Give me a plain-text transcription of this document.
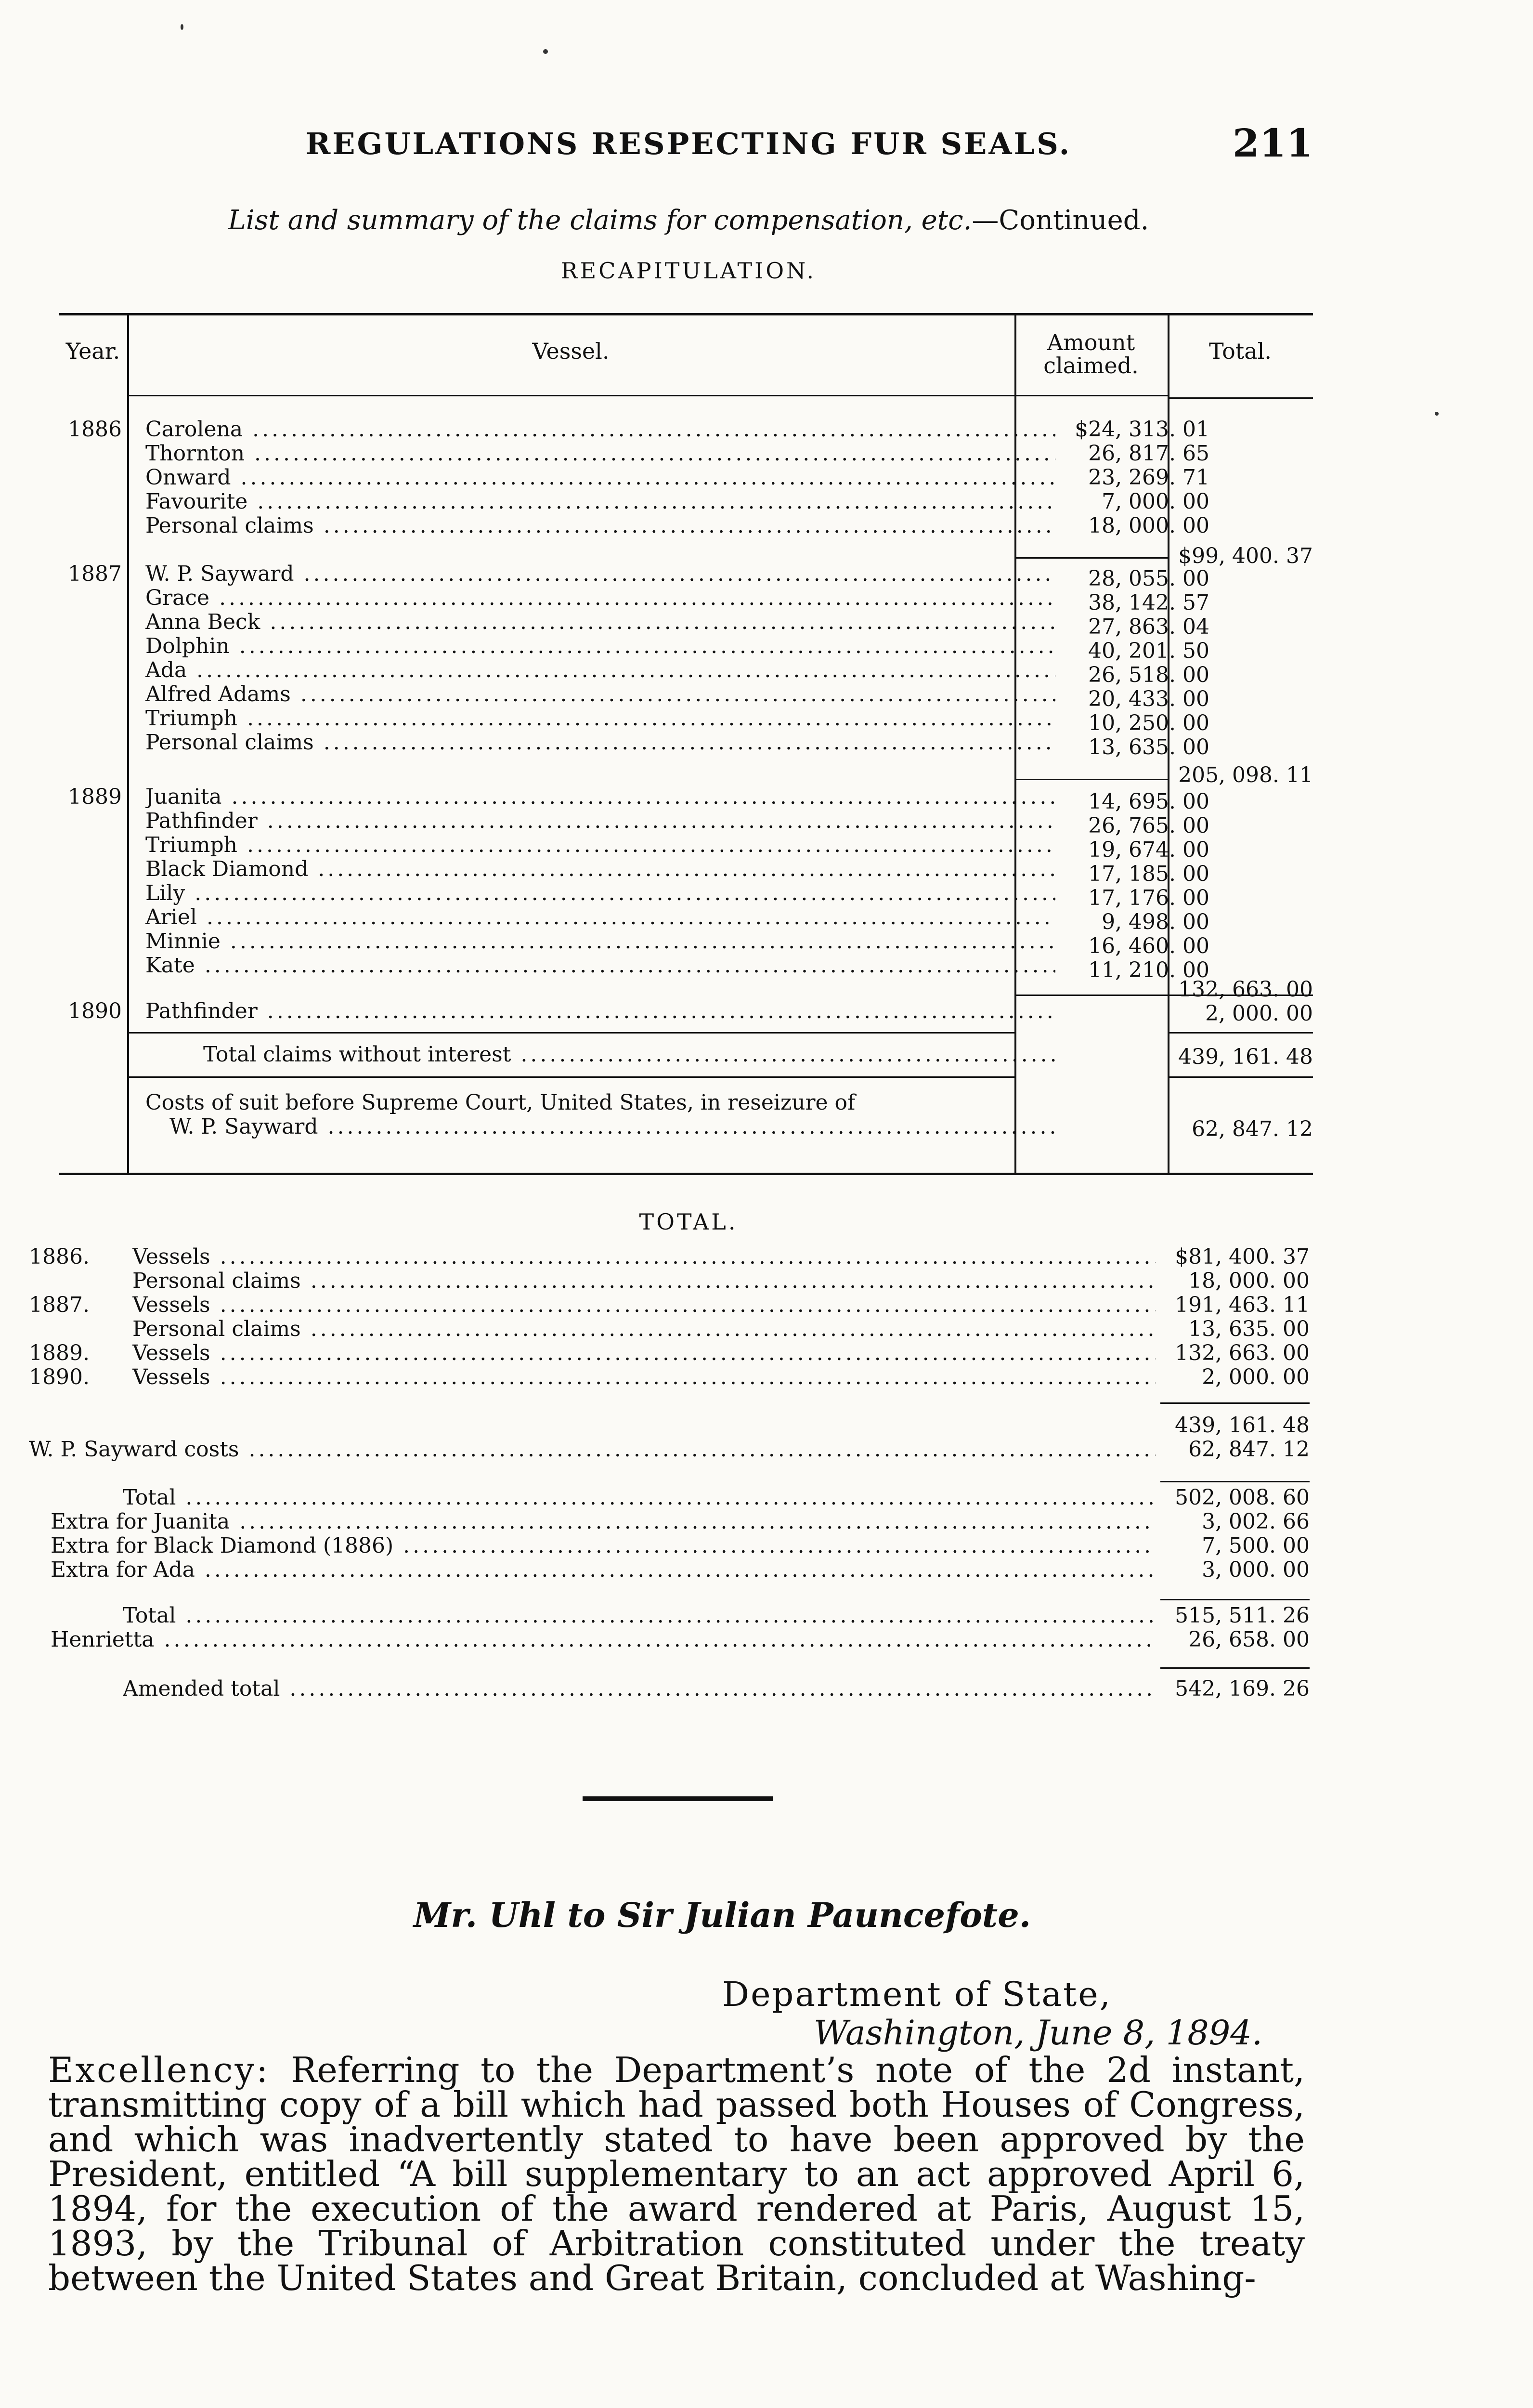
REGULATIONS RESPECTING FUR SEALS.	211
List and summary of the claims for compensation, etc.—Continued.
RECAPITULATION.
Year.	Vessel.	Amount
claimed.
Total.
1886	Carolena .....	$24, 313. 01
Thornton .....	26, 817. 65
Onward .....	23, 269. 71
Favourite .....	7, 000. 00
Personal claims .....	18, 000. 00
$99, 400. 37
1887	W. P. Sayward .....	28, 055. 00
Grace .....	38, 142. 57
Anna Beck .....	27, 863. 04
Dolphin .....	40, 201. 50
Ada .....	26, 518. 00
Alfred Adams .....	20, 433. 00
Triumph .....	10, 250. 00
Personal claims .....	13, 635. 00
205, 098. 11
1889	Juanita .....	14, 695. 00
Pathfinder .....	26, 765. 00
Triumph .....	19, 674. 00
Black Diamond .....	17, 185. 00
Lily .....	17, 176. 00
Ariel .....	9, 498. 00
Minnie .....	16, 460. 00
Kate .....	11, 210. 00
132, 663. 00
1890	Pathfinder .....	2, 000. 00
Total claims without interest .....	439, 161. 48
Costs of suit before Supreme Court, United States, in reseizure of
W. P. Sayward .....	62, 847. 12
TOTAL.
1886.	Vessels .....	$81, 400. 37
Personal claims .....	18, 000. 00
1887.	Vessels .....	191, 463. 11
Personal claims .....	13, 635. 00
1889.	Vessels .....	132, 663. 00
1890.	Vessels .....	2, 000. 00
439, 161. 48
W. P. Sayward costs .....	62, 847. 12
Total .....	502, 008. 60
Extra for Juanita .....	3, 002. 66
Extra for Black Diamond (1886) .....	7, 500. 00
Extra for Ada .....	3, 000. 00
Total .....	515, 511. 26
Henrietta .....	26, 658. 00
Amended total .....	542, 169. 26
Mr. Uhl to Sir Julian Pauncefote.
Department of State,
Washington, June 8, 1894.
Excellency: Referring to the Department’s note of the 2d instant, transmitting copy of a bill which had passed both Houses of Congress, and which was inadvertently stated to have been approved by the President, entitled “A bill supplementary to an act approved April 6, 1894, for the execution of the award rendered at Paris, August 15, 1893, by the Tribunal of Arbitration constituted under the treaty between the United States and Great Britain, concluded at Washing-
